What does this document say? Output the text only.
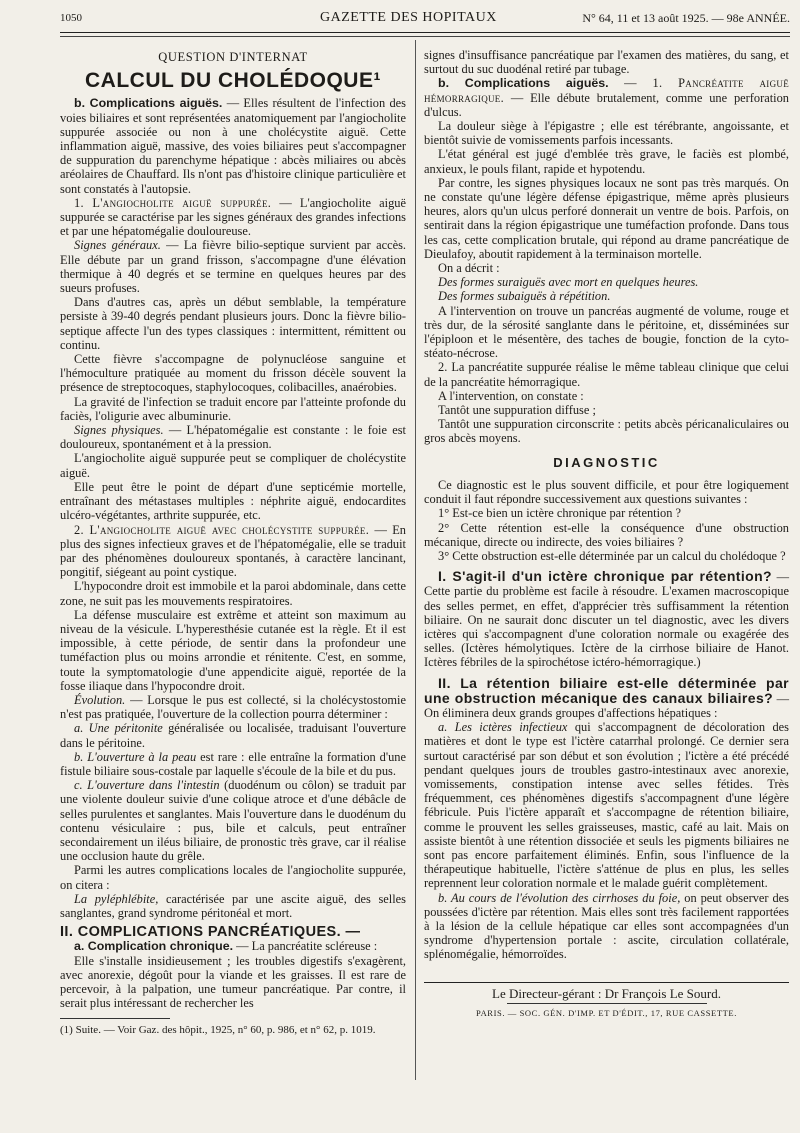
1050	GAZETTE DES HOPITAUX	N° 64, 11 et 13 août 1925. — 98e ANNÉE.

QUESTION D'INTERNAT

CALCUL DU CHOLÉDOQUE¹

b. Complications aiguës. — Elles résultent de l'infection des voies biliaires et sont représentées anatomiquement par l'angiocholite suppurée associée ou non à une cholécystite aiguë. Cette inflammation aiguë, massive, des voies biliaires peut s'accompagner de suppuration du parenchyme hépatique : abcès miliaires ou abcès aréolaires de Chauffard. Ils n'ont pas d'histoire clinique particulière et sont constatés à l'autopsie.

1. L'angiocholite aiguë suppurée. — L'angiocholite aiguë suppurée se caractérise par les signes généraux des grandes infections et par une hépatomégalie douloureuse.

Signes généraux. — La fièvre bilio-septique survient par accès. Elle débute par un grand frisson, s'accompagne d'une élévation thermique à 40 degrés et se termine en quelques heures par des sueurs profuses.

Dans d'autres cas, après un début semblable, la température persiste à 39-40 degrés pendant plusieurs jours. Donc la fièvre bilio-septique affecte l'un des types classiques : intermittent, rémittent ou continu.

Cette fièvre s'accompagne de polynucléose sanguine et l'hémoculture pratiquée au moment du frisson décèle souvent la présence de streptocoques, staphylocoques, colibacilles, anaérobies.

La gravité de l'infection se traduit encore par l'atteinte profonde du faciès, l'oligurie avec albuminurie.

Signes physiques. — L'hépatomégalie est constante : le foie est douloureux, spontanément et à la pression.

L'angiocholite aiguë suppurée peut se compliquer de cholécystite aiguë.

Elle peut être le point de départ d'une septicémie mortelle, entraînant des métastases multiples : néphrite aiguë, endocardites ulcéro-végétantes, arthrite suppurée, etc.

2. L'angiocholite aiguë avec cholécystite suppurée. — En plus des signes infectieux graves et de l'hépatomégalie, elle se traduit par des phénomènes douloureux spontanés, à caractère lancinant, pongitif, siégeant au point cystique.

L'hypocondre droit est immobile et la paroi abdominale, dans cette zone, ne suit pas les mouvements respiratoires.

La défense musculaire est extrême et atteint son maximum au niveau de la vésicule. L'hyperesthésie cutanée est la règle. Et il est impossible, à cette période, de sentir dans la profondeur une tuméfaction plus ou moins arrondie et rénitente. C'est, en somme, toute la symptomatologie d'une appendicite aiguë, reportée de la fosse iliaque dans l'hypocondre droit.

Évolution. — Lorsque le pus est collecté, si la cholécystostomie n'est pas pratiquée, l'ouverture de la collection pourra déterminer :

a. Une péritonite généralisée ou localisée, traduisant l'ouverture dans le péritoine.

b. L'ouverture à la peau est rare : elle entraîne la formation d'une fistule biliaire sous-costale par laquelle s'écoule de la bile et du pus.

c. L'ouverture dans l'intestin (duodénum ou côlon) se traduit par une violente douleur suivie d'une colique atroce et d'une débâcle de selles purulentes et sanglantes. Mais l'ouverture dans le duodénum du contenu vésiculaire : pus, bile et calculs, peut entraîner secondairement un iléus biliaire, de pronostic très grave, car il réalise une occlusion haute du grêle.

Parmi les autres complications locales de l'angiocholite suppurée, on citera :

La pyléphlébite, caractérisée par une ascite aiguë, des selles sanglantes, grand syndrome péritonéal et mort.

II. COMPLICATIONS PANCRÉATIQUES. —

a. Complication chronique. — La pancréatite scléreuse :

Elle s'installe insidieusement ; les troubles digestifs s'exagèrent, avec anorexie, dégoût pour la viande et les graisses. Il est rare de percevoir, à la palpation, une tumeur pancréatique. Par contre, il serait plus intéressant de rechercher les

(1) Suite. — Voir Gaz. des hôpit., 1925, n° 60, p. 986, et n° 62, p. 1019.

signes d'insuffisance pancréatique par l'examen des matières, du sang, et surtout du suc duodénal retiré par tubage.

b. Complications aiguës. — 1. Pancréatite aiguë hémorragique. — Elle débute brutalement, comme une perforation d'ulcus.

La douleur siège à l'épigastre ; elle est térébrante, angoissante, et bientôt suivie de vomissements parfois incessants.

L'état général est jugé d'emblée très grave, le faciès est plombé, anxieux, le pouls filant, rapide et hypotendu.

Par contre, les signes physiques locaux ne sont pas très marqués. On ne constate qu'une légère défense épigastrique, même après plusieurs heures, alors qu'un ulcus perforé donnerait un ventre de bois. Parfois, on sentirait dans la région épigastrique une tuméfaction profonde. Dans tous les cas, cette complication brutale, qui répond au drame pancréatique de Dieulafoy, aboutit rapidement à la terminaison mortelle.

On a décrit :

Des formes suraiguës avec mort en quelques heures.

Des formes subaiguës à répétition.

A l'intervention on trouve un pancréas augmenté de volume, rouge et très dur, de la sérosité sanglante dans le péritoine, et, disséminées sur l'épiploon et le mésentère, des taches de bougie, fonction de la cyto-stéato-nécrose.

2. La pancréatite suppurée réalise le même tableau clinique que celui de la pancréatite hémorragique.

A l'intervention, on constate :

Tantôt une suppuration diffuse ;

Tantôt une suppuration circonscrite : petits abcès péricanaliculaires ou gros abcès moyens.

DIAGNOSTIC

Ce diagnostic est le plus souvent difficile, et pour être logiquement conduit il faut répondre successivement aux questions suivantes :

1° Est-ce bien un ictère chronique par rétention ?

2° Cette rétention est-elle la conséquence d'une obstruction mécanique, directe ou indirecte, des voies biliaires ?

3° Cette obstruction est-elle déterminée par un calcul du cholédoque ?

I. S'agit-il d'un ictère chronique par rétention? — Cette partie du problème est facile à résoudre. L'examen macroscopique des selles permet, en effet, d'apprécier très suffisamment la rétention biliaire. On ne saurait donc discuter un tel diagnostic, avec les divers ictères qui s'accompagnent d'une coloration normale ou exagérée des selles. (Ictères hémolytiques. Ictère de la cirrhose biliaire de Hanot. Ictères fébriles de la spirochétose ictéro-hémorragique.)

II. La rétention biliaire est-elle déterminée par une obstruction mécanique des canaux biliaires? — On éliminera deux grands groupes d'affections hépatiques :

a. Les ictères infectieux qui s'accompagnent de décoloration des matières et dont le type est l'ictère catarrhal prolongé. Ce dernier sera surtout caractérisé par son début et son évolution ; l'ictère a été précédé pendant quelques jours de troubles gastro-intestinaux avec anorexie, vomissements, constipation intense avec selles fétides. Très fréquemment, ces phénomènes digestifs s'accompagnent d'une légère fébricule. Puis l'ictère apparaît et s'accompagne de rétention biliaire, comme le prouvent les selles graisseuses, mastic, café au lait. Mais on assiste bientôt à une rétention dissociée et seuls les pigments biliaires ne sont pas encore parfaitement éliminés. Enfin, sous l'influence de la thérapeutique habituelle, l'ictère s'atténue de plus en plus, les selles reprennent leur coloration normale et le malade guérit complètement.

b. Au cours de l'évolution des cirrhoses du foie, on peut observer des poussées d'ictère par rétention. Mais elles sont très facilement rapportées à la lésion de la cellule hépatique car elles sont accompagnées d'un syndrome d'hypertension portale : ascite, circulation collatérale, splénomégalie, hémorroïdes.

Le Directeur-gérant : Dr François Le Sourd.

PARIS. — SOC. GÉN. D'IMP. ET D'ÉDIT., 17, RUE CASSETTE.
